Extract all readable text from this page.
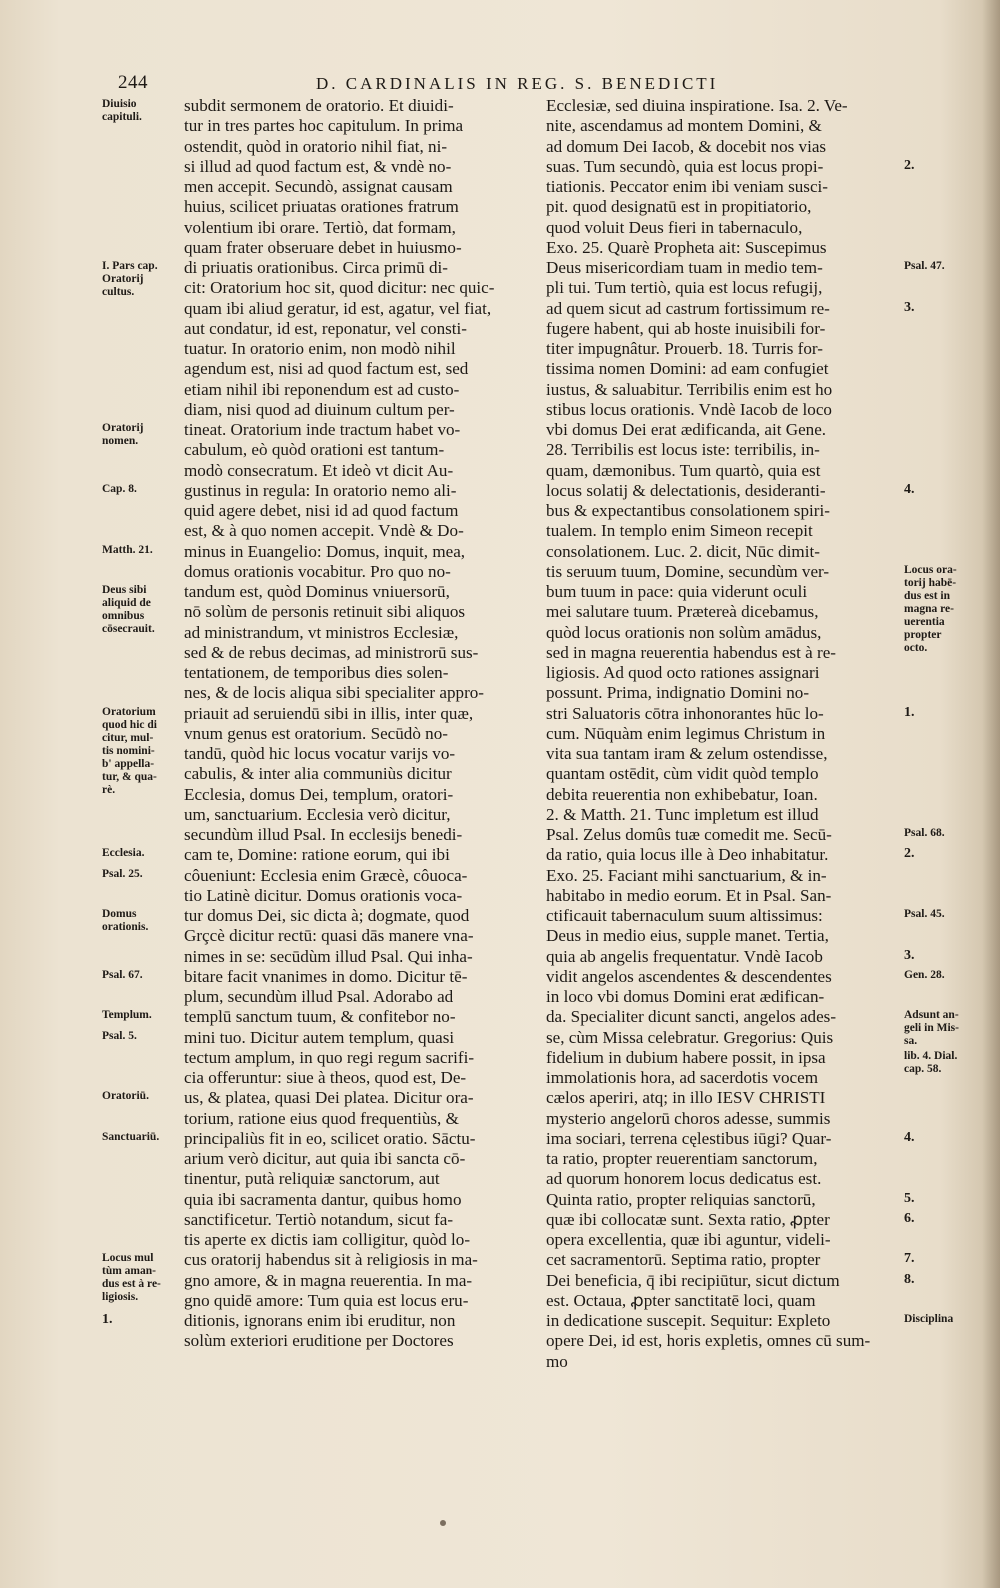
244	D. CARDINALIS IN REG. S. BENEDICTI
subdit sermonem de oratorio. Et diuidi-
tur in tres partes hoc capitulum. In prima
ostendit, quòd in oratorio nihil fiat, ni-
si illud ad quod factum est, & vndè no-
men accepit. Secundò, assignat causam
huius, scilicet priuatas orationes fratrum
volentium ibi orare. Tertiò, dat formam,
quam frater obseruare debet in huiusmo-
di priuatis orationibus. Circa primū di-
cit: Oratorium hoc sit, quod dicitur: nec quic-
quam ibi aliud geratur, id est, agatur, vel fiat,
aut condatur, id est, reponatur, vel consti-
tuatur. In oratorio enim, non modò nihil
agendum est, nisi ad quod factum est, sed
etiam nihil ibi reponendum est ad custo-
diam, nisi quod ad diuinum cultum per-
tineat. Oratorium inde tractum habet vo-
cabulum, eò quòd orationi est tantum-
modò consecratum. Et ideò vt dicit Au-
gustinus in regula: In oratorio nemo ali-
quid agere debet, nisi id ad quod factum
est, & à quo nomen accepit. Vndè & Do-
minus in Euangelio: Domus, inquit, mea,
domus orationis vocabitur. Pro quo no-
tandum est, quòd Dominus vniuersorū,
nō solùm de personis retinuit sibi aliquos
ad ministrandum, vt ministros Ecclesiæ,
sed & de rebus decimas, ad ministrorū sus-
tentationem, de temporibus dies solen-
nes, & de locis aliqua sibi specialiter appro-
priauit ad seruiendū sibi in illis, inter quæ,
vnum genus est oratorium. Secūdò no-
tandū, quòd hic locus vocatur varijs vo-
cabulis, & inter alia communiùs dicitur
Ecclesia, domus Dei, templum, oratori-
um, sanctuarium. Ecclesia verò dicitur,
secundùm illud Psal. In ecclesijs benedi-
cam te, Domine: ratione eorum, qui ibi
côueniunt: Ecclesia enim Græcè, côuoca-
tio Latinè dicitur. Domus orationis voca-
tur domus Dei, sic dicta à; dogmate, quod
Grçcè dicitur rectū: quasi dās manere vna-
nimes in se: secūdùm illud Psal. Qui inha-
bitare facit vnanimes in domo. Dicitur tē-
plum, secundùm illud Psal. Adorabo ad
templū sanctum tuum, & confitebor no-
mini tuo. Dicitur autem templum, quasi
tectum amplum, in quo regi regum sacrifi-
cia offeruntur: siue à theos, quod est, De-
us, & platea, quasi Dei platea. Dicitur ora-
torium, ratione eius quod frequentiùs, &
principaliùs fit in eo, scilicet oratio. Sāctu-
arium verò dicitur, aut quia ibi sancta cō-
tinentur, putà reliquiæ sanctorum, aut
quia ibi sacramenta dantur, quibus homo
sanctificetur. Tertiò notandum, sicut fa-
tis aperte ex dictis iam colligitur, quòd lo-
cus oratorij habendus sit à religiosis in ma-
gno amore, & in magna reuerentia. In ma-
gno quidē amore: Tum quia est locus eru-
ditionis, ignorans enim ibi eruditur, non
solùm exteriori eruditione per Doctores
Ecclesiæ, sed diuina inspiratione. Isa. 2. Ve-
nite, ascendamus ad montem Domini, &
ad domum Dei Iacob, & docebit nos vias
suas. Tum secundò, quia est locus propi-
tiationis. Peccator enim ibi veniam susci-
pit. quod designatū est in propitiatorio,
quod voluit Deus fieri in tabernaculo,
Exo. 25. Quarè Propheta ait: Suscepimus
Deus misericordiam tuam in medio tem-
pli tui. Tum tertiò, quia est locus refugij,
ad quem sicut ad castrum fortissimum re-
fugere habent, qui ab hoste inuisibili for-
titer impugnâtur. Prouerb. 18. Turris for-
tissima nomen Domini: ad eam confugiet
iustus, & saluabitur. Terribilis enim est ho
stibus locus orationis. Vndè Iacob de loco
vbi domus Dei erat ædificanda, ait Gene.
28. Terribilis est locus iste: terribilis, in-
quam, dæmonibus. Tum quartò, quia est
locus solatij & delectationis, desideranti-
bus & expectantibus consolationem spiri-
tualem. In templo enim Simeon recepit
consolationem. Luc. 2. dicit, Nūc dimit-
tis seruum tuum, Domine, secundùm ver-
bum tuum in pace: quia viderunt oculi
mei salutare tuum. Prætereà dicebamus,
quòd locus orationis non solùm amādus,
sed in magna reuerentia habendus est à re-
ligiosis. Ad quod octo rationes assignari
possunt. Prima, indignatio Domini no-
stri Saluatoris cōtra inhonorantes hūc lo-
cum. Nūquàm enim legimus Christum in
vita sua tantam iram & zelum ostendisse,
quantam ostēdit, cùm vidit quòd templo
debita reuerentia non exhibebatur, Ioan.
2. & Matth. 21. Tunc impletum est illud
Psal. Zelus domûs tuæ comedit me. Secū-
da ratio, quia locus ille à Deo inhabitatur.
Exo. 25. Faciant mihi sanctuarium, & in-
habitabo in medio eorum. Et in Psal. San-
ctificauit tabernaculum suum altissimus:
Deus in medio eius, supple manet. Tertia,
quia ab angelis frequentatur. Vndè Iacob
vidit angelos ascendentes & descendentes
in loco vbi domus Domini erat ædifican-
da. Specialiter dicunt sancti, angelos ades-
se, cùm Missa celebratur. Gregorius: Quis
fidelium in dubium habere possit, in ipsa
immolationis hora, ad sacerdotis vocem
cælos aperiri, atq; in illo IESV CHRISTI
mysterio angelorū choros adesse, summis
ima sociari, terrena cęlestibus iūgi? Quar-
ta ratio, propter reuerentiam sanctorum,
ad quorum honorem locus dedicatus est.
Quinta ratio, propter reliquias sanctorū,
quæ ibi collocatæ sunt. Sexta ratio, ꝓpter
opera excellentia, quæ ibi aguntur, videli-
cet sacramentorū. Septima ratio, propter
Dei beneficia, q̄ ibi recipiūtur, sicut dictum
est. Octaua, ꝓpter sanctitatē loci, quam
in dedicatione suscepit. Sequitur: Expleto
opere Dei, id est, horis expletis, omnes cū sum-
mo
Diuisio
capituli.
I. Pars cap.
Oratorij
cultus.
Oratorij
nomen.
Cap. 8.
Matth. 21.
Deus sibi
aliquid de
omnibus
cōsecrauit.
Oratorium
quod hic di
citur, mul-
tis nomini-
b' appella-
tur, & qua-
rè.
Ecclesia.
Psal. 25.
Domus
orationis.
Psal. 67.
Templum.
Psal. 5.
Oratoriū.
Sanctuariū.
Locus mul
tùm aman-
dus est à re-
ligiosis.
1.
2.
Psal. 47.
3.
4.
Locus ora-
torij habē-
dus est in
magna re-
uerentia
propter
octo.
1.
Psal. 68.
2.
Psal. 45.
3.
Gen. 28.
Adsunt an-
geli in Mis-
sa.
lib. 4. Dial.
cap. 58.
4.
5.
6.
7.
8.
Disciplina
